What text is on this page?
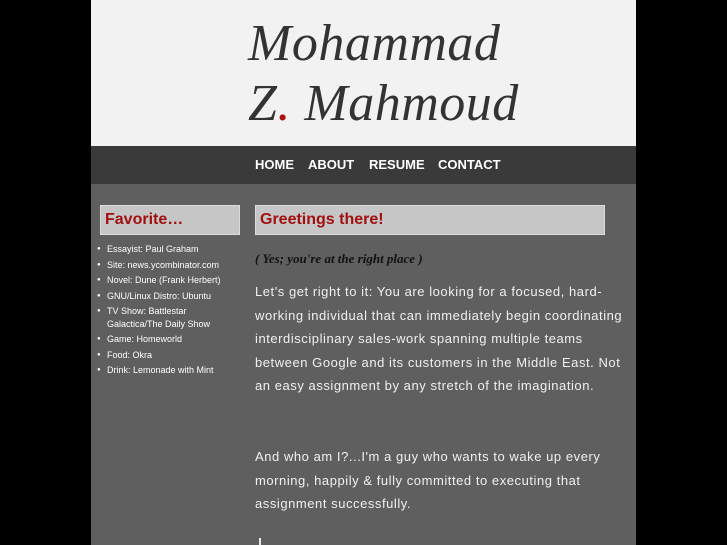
Mohammad
Z. Mahmoud
HOME ABOUT RESUME CONTACT
Favorite…
● Essayist: Paul Graham
● Site: news.ycombinator.com
● Novel: Dune (Frank Herbert)
● GNU/Linux Distro: Ubuntu
● TV Show: Battlestar Galactica/The Daily Show
● Game: Homeworld
● Food: Okra
● Drink: Lemonade with Mint
Greetings there!
( Yes; you're at the right place )

Let's get right to it: You are looking for a focused, hard-working individual that can immediately begin coordinating interdisciplinary sales-work spanning multiple teams between Google and its customers in the Middle East. Not an easy assignment by any stretch of the imagination.

And who am I?...I'm a guy who wants to wake up every morning, happily & fully committed to executing that assignment successfully.
